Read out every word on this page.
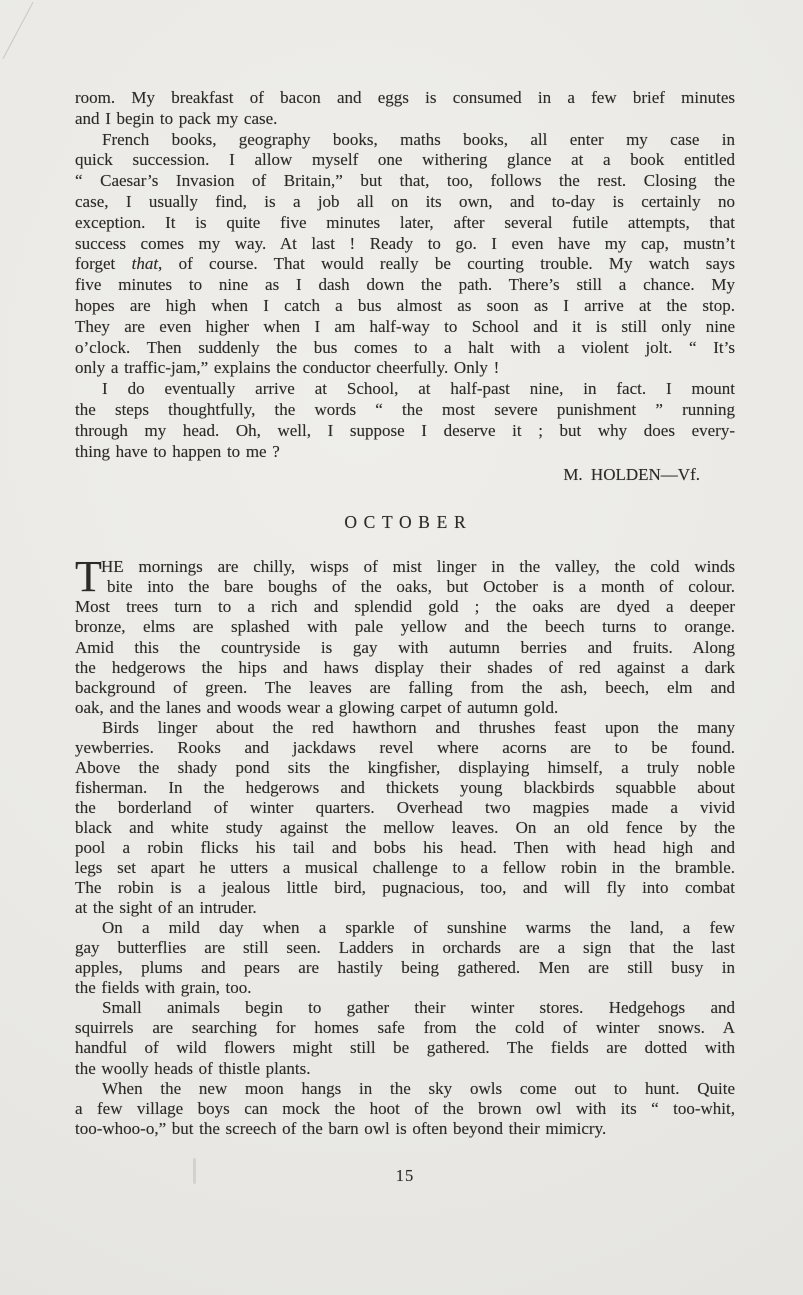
room. My breakfast of bacon and eggs is consumed in a few brief minutes
and I begin to pack my case.
French books, geography books, maths books, all enter my case in
quick succession. I allow myself one withering glance at a book entitled
“ Caesar’s Invasion of Britain,” but that, too, follows the rest. Closing the
case, I usually find, is a job all on its own, and to-day is certainly no
exception. It is quite five minutes later, after several futile attempts, that
success comes my way. At last ! Ready to go. I even have my cap, mustn’t
forget that, of course. That would really be courting trouble. My watch says
five minutes to nine as I dash down the path. There’s still a chance. My
hopes are high when I catch a bus almost as soon as I arrive at the stop.
They are even higher when I am half-way to School and it is still only nine
o’clock. Then suddenly the bus comes to a halt with a violent jolt. “ It’s
only a traffic-jam,” explains the conductor cheerfully. Only !
I do eventually arrive at School, at half-past nine, in fact. I mount
the steps thoughtfully, the words “ the most severe punishment ” running
through my head. Oh, well, I suppose I deserve it ; but why does every-
thing have to happen to me ?
M. HOLDEN—Vf.
OCTOBER
T HE mornings are chilly, wisps of mist linger in the valley, the cold winds
bite into the bare boughs of the oaks, but October is a month of colour.
Most trees turn to a rich and splendid gold ; the oaks are dyed a deeper
bronze, elms are splashed with pale yellow and the beech turns to orange.
Amid this the countryside is gay with autumn berries and fruits. Along
the hedgerows the hips and haws display their shades of red against a dark
background of green. The leaves are falling from the ash, beech, elm and
oak, and the lanes and woods wear a glowing carpet of autumn gold.
Birds linger about the red hawthorn and thrushes feast upon the many
yewberries. Rooks and jackdaws revel where acorns are to be found.
Above the shady pond sits the kingfisher, displaying himself, a truly noble
fisherman. In the hedgerows and thickets young blackbirds squabble about
the borderland of winter quarters. Overhead two magpies made a vivid
black and white study against the mellow leaves. On an old fence by the
pool a robin flicks his tail and bobs his head. Then with head high and
legs set apart he utters a musical challenge to a fellow robin in the bramble.
The robin is a jealous little bird, pugnacious, too, and will fly into combat
at the sight of an intruder.
On a mild day when a sparkle of sunshine warms the land, a few
gay butterflies are still seen. Ladders in orchards are a sign that the last
apples, plums and pears are hastily being gathered. Men are still busy in
the fields with grain, too.
Small animals begin to gather their winter stores. Hedgehogs and
squirrels are searching for homes safe from the cold of winter snows. A
handful of wild flowers might still be gathered. The fields are dotted with
the woolly heads of thistle plants.
When the new moon hangs in the sky owls come out to hunt. Quite
a few village boys can mock the hoot of the brown owl with its “ too-whit,
too-whoo-o,” but the screech of the barn owl is often beyond their mimicry.
15
